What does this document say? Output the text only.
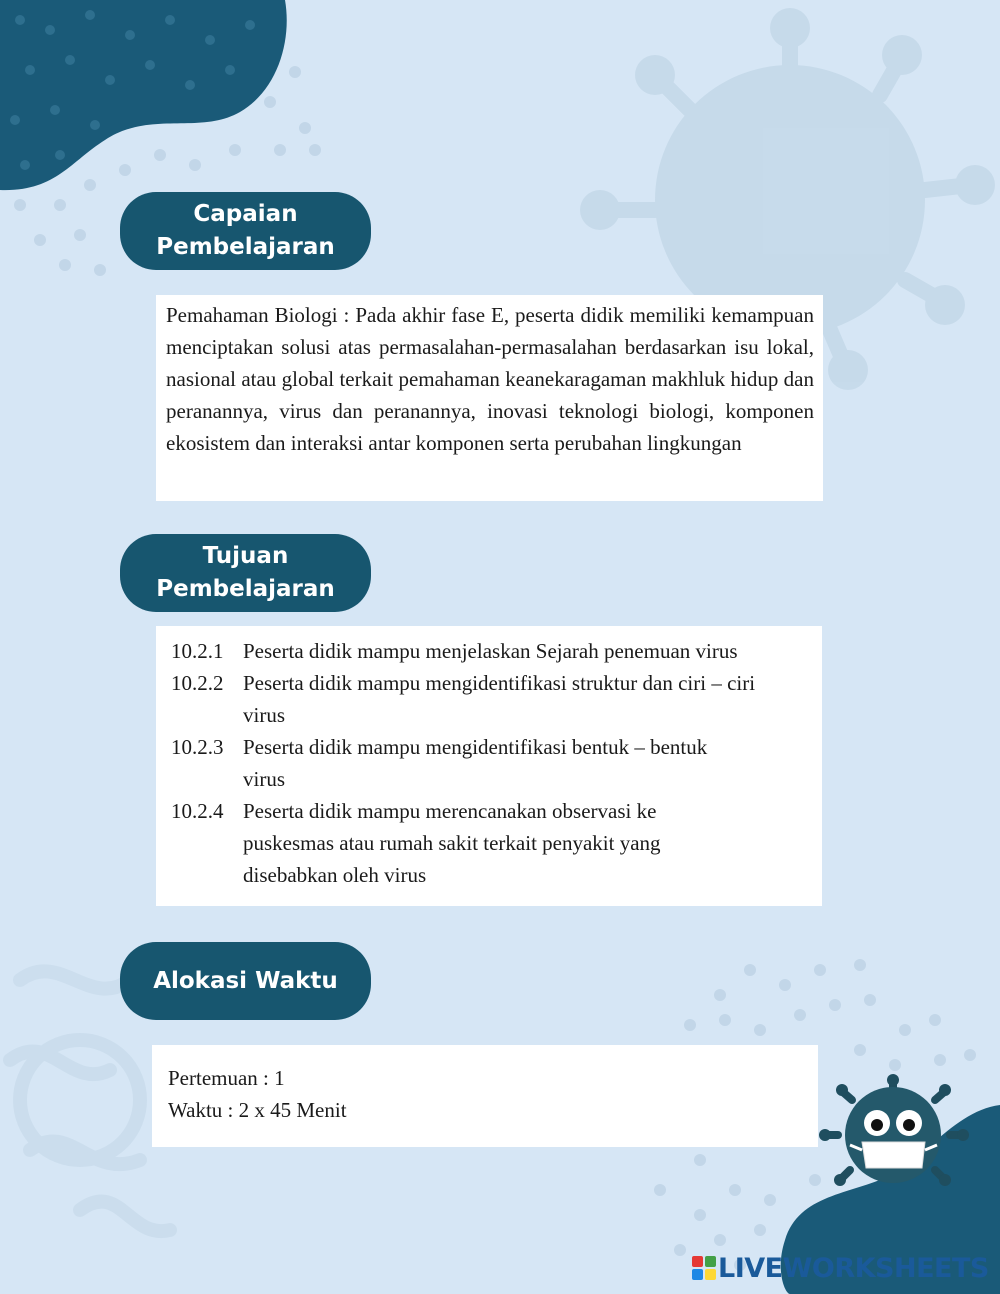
Capaian
Pembelajaran

Pemahaman Biologi : Pada akhir fase E, peserta didik memiliki kemampuan menciptakan solusi atas permasalahan-permasalahan berdasarkan isu lokal, nasional atau global terkait pemahaman keanekaragaman makhluk hidup dan peranannya, virus dan peranannya, inovasi teknologi biologi, komponen ekosistem dan interaksi antar komponen serta perubahan lingkungan

Tujuan
Pembelajaran
10.2.1 Peserta didik mampu menjelaskan Sejarah penemuan virus
10.2.2 Peserta didik mampu mengidentifikasi struktur dan ciri – ciri virus
10.2.3 Peserta didik mampu mengidentifikasi bentuk – bentuk virus
10.2.4 Peserta didik mampu merencanakan observasi ke puskesmas atau rumah sakit terkait penyakit yang disebabkan oleh virus
Alokasi Waktu
Pertemuan : 1
Waktu : 2 x 45 Menit
LIVEWORKSHEETS
